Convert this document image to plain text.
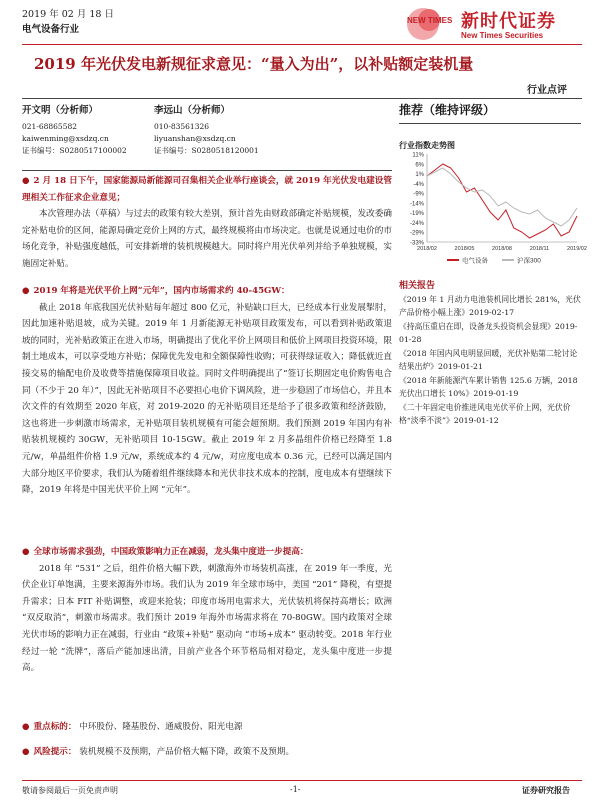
2019 年 02 月 18 日
电气设备行业
NEW TIMES 新时代证券
New Times Securities
2019 年光伏发电新规征求意见：“量入为出”，以补贴额定装机量
行业点评
开文明（分析师）
021-68865582
kaiwenming@xsdzq.cn
证书编号：S0280517100002
李远山（分析师）
010-83561326
liyuanshan@xsdzq.cn
证书编号：S0280518120001
● 2 月 18 日下午，国家能源局新能源司召集相关企业举行座谈会，就 2019 年光伏发电建设管理相关工作征求企业意见；
本次管理办法（草稿）与过去的政策有较大差别，预计首先由财政部确定补贴规模，发改委确定补贴电价的区间，能源局确定竞价上网的方式，最终规模将由市场决定。也就是说通过电价的市场化竞争，补贴强度越低，可安排新增的装机规模越大。同时将户用光伏单列并给予单独规模，实施固定补贴。
● 2019 年将是光伏平价上网“元年”，国内市场需求约 40-45GW：
截止 2018 年底我国光伏补贴每年超过 800 亿元，补贴缺口巨大，已经成本行业发展掣肘，因此加速补贴退坡，成为关键。2019 年 1 月新能源无补贴项目政策发布，可以看到补贴政策退坡的同时，光补贴政策正在进入市场，明确提出了优化平价上网项目和低价上网项目投资环境，限制土地成本，可以享受地方补贴；保障优先发电和全额保障性收购；可获得绿证收入；降低就近直接交易的输配电价及收费等措施保障项目收益。同时文件明确提出了“签订长期固定电价购售电合同（不少于 20 年）”，因此无补贴项目不必要担心电价下调风险，进一步稳固了市场信心，并且本次文件的有效期至 2020 年底，对 2019-2020 的无补贴项目还是给予了很多政策和经济鼓励，这也将进一步刺激市场需求，无补贴项目装机规模有可能会超预期。我们预测 2019 年国内有补贴装机规模约 30GW，无补贴项目 10-15GW。截止 2019 年 2 月多晶组件价格已经降至 1.8 元/w，单晶组件价格 1.9 元/w，系统成本约 4 元/w，对应度电成本 0.36 元，已经可以满足国内大部分地区平价要求，我们认为随着组件继续降本和光伏非技术成本的控制，度电成本有望继续下降，2019 年将是中国光伏平价上网 “元年”。
● 全球市场需求强劲，中国政策影响力正在减弱，龙头集中度进一步提高：
2018 年 “531” 之后，组件价格大幅下跌，刺激海外市场装机高涨，在 2019 年一季度，光伏企业订单饱满，主要来源海外市场。我们认为 2019 年全球市场中，美国 “201” 降税，有望提升需求；日本 FIT 补贴调整，或迎来抢装；印度市场用电需求大，光伏装机将保持高增长；欧洲 “双反取消”，刺激市场需求。我们预计 2019 年海外市场需求将在 70-80GW。国内政策对全球光伏市场的影响力正在减弱，行业由 “政策+补贴” 驱动向 “市场+成本” 驱动转变。2018 年行业经过一轮 “洗牌”，落后产能加速出清，目前产业各个环节格局相对稳定，龙头集中度进一步提高。
● 重点标的： 中环股份、隆基股份、通威股份、阳光电源
● 风险提示： 装机规模不及预期，产品价格大幅下降，政策不及预期。
推荐（维持评级）
行业指数走势图
11%
6%
1%
-4%
-9%
-14%
-19%
-24%
-29%
-33%
2018/02	2018/05	2018/08	2018/11	2019/02
电气设备	沪深300
相关报告

《2019 年 1 月动力电池装机同比增长 281%，光伏产品价格小幅上涨》2019-02-17

《持高压重启在即，设备龙头投资机会显现》2019-01-28

《2018 年国内风电明显回暖，光伏补贴第二轮讨论结果出炉》2019-01-21

《2018 年新能源汽车累计销售 125.6 万辆，2018 光伏出口增长 10%》2019-01-19

《二十年固定电价推进风电光伏平价上网，光伏价格“淡季不淡”》2019-01-12

敬请参阅最后一页免责声明	-1-	证券研究报告
